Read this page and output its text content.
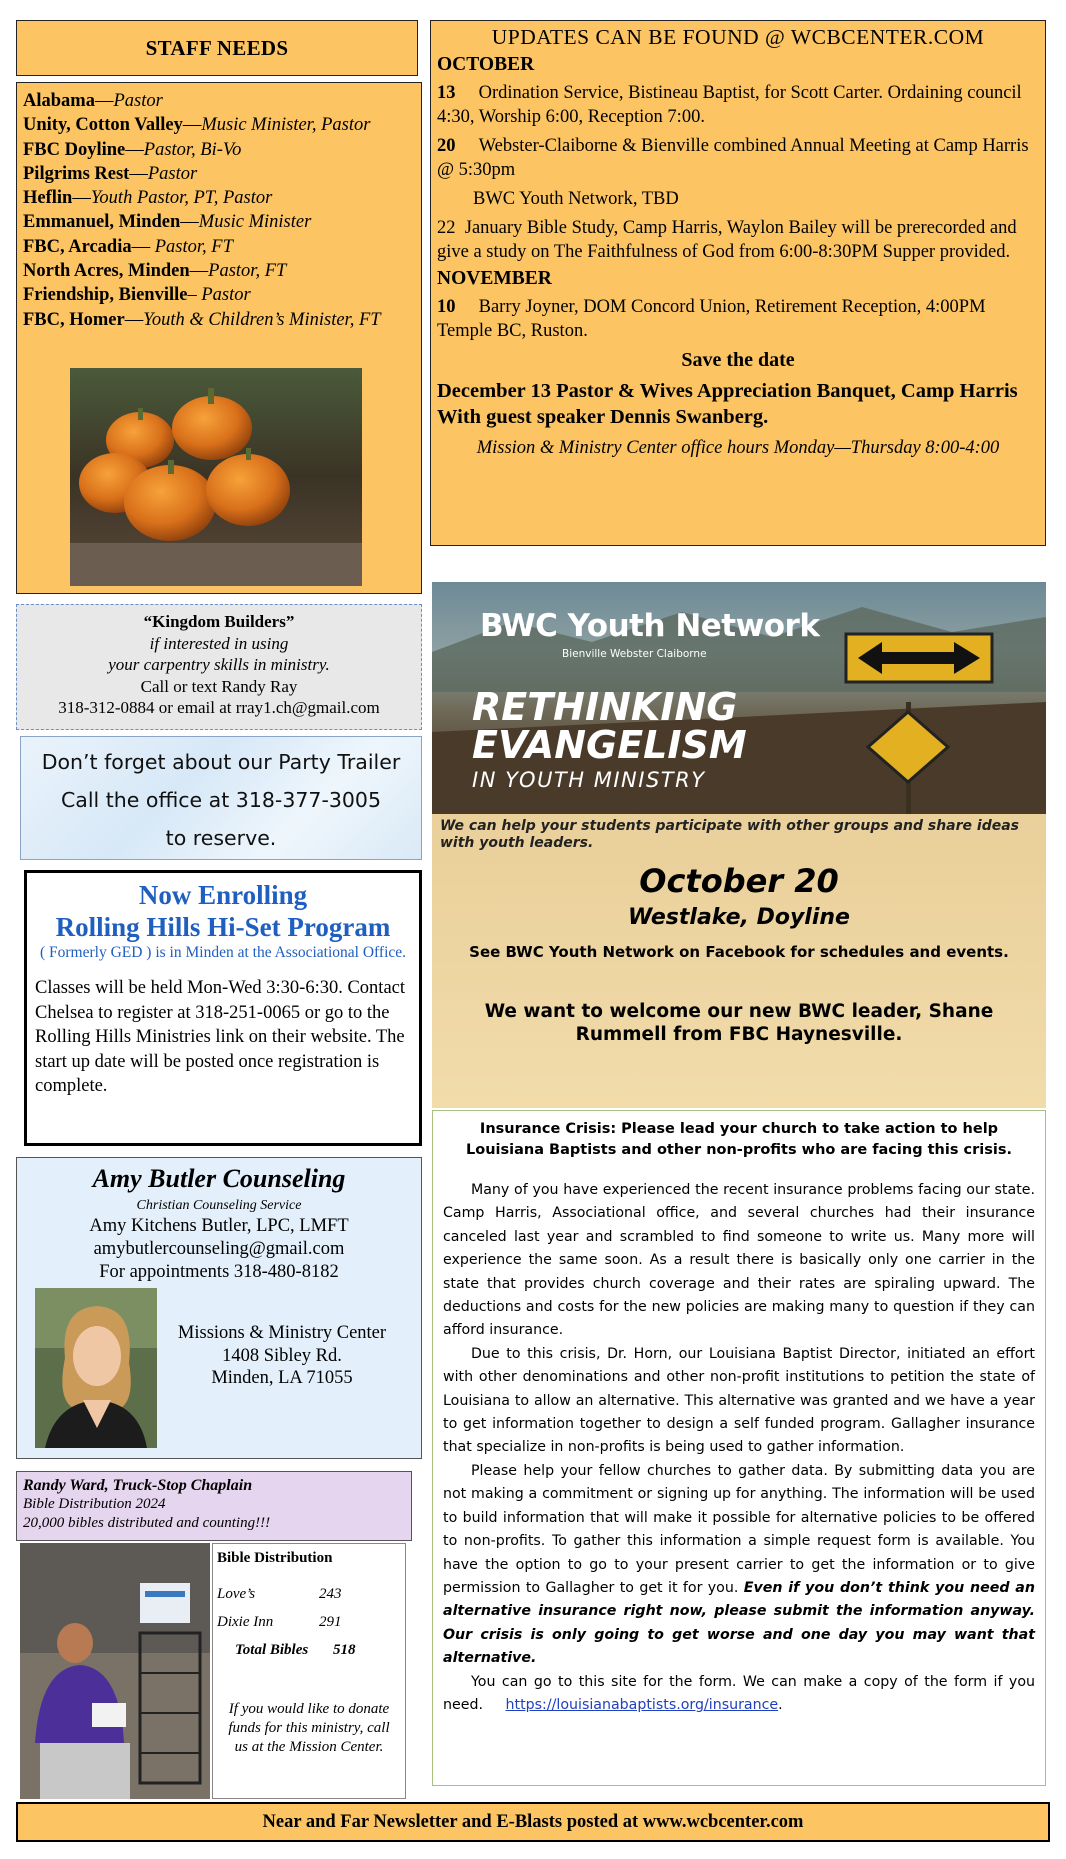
STAFF NEEDS
Alabama—Pastor
Unity, Cotton Valley—Music Minister, Pastor
FBC Doyline—Pastor, Bi-Vo
Pilgrims Rest—Pastor
Heflin—Youth Pastor, PT, Pastor
Emmanuel, Minden—Music Minister
FBC, Arcadia— Pastor, FT
North Acres, Minden—Pastor, FT
Friendship, Bienville– Pastor
FBC, Homer—Youth & Children’s Minister, FT
“Kingdom Builders”
if interested in using
your carpentry skills in ministry.
Call or text Randy Ray
318-312-0884 or email at rray1.ch@gmail.com
Don’t forget about our Party Trailer
Call the office at 318-377-3005
to reserve.
Now Enrolling
Rolling Hills Hi-Set Program
( Formerly GED ) is in Minden at the Associational Office.
Classes will be held Mon-Wed 3:30-6:30. Contact Chelsea to register at 318-251-0065 or go to the Rolling Hills Ministries link on their website. The start up date will be posted once registration is complete.
Amy Butler Counseling
Christian Counseling Service
Amy Kitchens Butler, LPC, LMFT
amybutlercounseling@gmail.com
For appointments 318-480-8182
Missions & Ministry Center
1408 Sibley Rd.
Minden, LA 71055
Randy Ward, Truck-Stop Chaplain
Bible Distribution 2024
20,000 bibles distributed and counting!!!
Bible Distribution
Love’s	243
Dixie Inn	291
Total Bibles 518
If you would like to donate funds for this ministry, call us at the Mission Center.
UPDATES CAN BE FOUND @ WCBCENTER.COM
OCTOBER
13 Ordination Service, Bistineau Baptist, for Scott Carter. Ordaining council 4:30, Worship 6:00, Reception 7:00.
20 Webster-Claiborne & Bienville combined Annual Meeting at Camp Harris @ 5:30pm
BWC Youth Network, TBD
22 January Bible Study, Camp Harris, Waylon Bailey will be prerecorded and give a study on The Faithfulness of God from 6:00-8:30PM Supper provided.
NOVEMBER
10 Barry Joyner, DOM Concord Union, Retirement Reception, 4:00PM Temple BC, Ruston.
Save the date
December 13 Pastor & Wives Appreciation Banquet, Camp Harris With guest speaker Dennis Swanberg.
Mission & Ministry Center office hours Monday—Thursday 8:00-4:00
BWC Youth Network
Bienville Webster Claiborne
RETHINKING
EVANGELISM
IN YOUTH MINISTRY
We can help your students participate with other groups and share ideas with youth leaders.
October 20
Westlake, Doyline
See BWC Youth Network on Facebook for schedules and events.
We want to welcome our new BWC leader, Shane Rummell from FBC Haynesville.
Insurance Crisis: Please lead your church to take action to help Louisiana Baptists and other non-profits who are facing this crisis.

Many of you have experienced the recent insurance problems facing our state. Camp Harris, Associational office, and several churches had their insurance canceled last year and scrambled to find someone to write us. Many more will experience the same soon. As a result there is basically only one carrier in the state that provides church coverage and their rates are spiraling upward. The deductions and costs for the new policies are making many to question if they can afford insurance.

Due to this crisis, Dr. Horn, our Louisiana Baptist Director, initiated an effort with other denominations and other non-profit institutions to petition the state of Louisiana to allow an alternative. This alternative was granted and we have a year to get information together to design a self funded program. Gallagher insurance that specialize in non-profits is being used to gather information.

Please help your fellow churches to gather data. By submitting data you are not making a commitment or signing up for anything. The information will be used to build information that will make it possible for alternative policies to be offered to non-profits. To gather this information a simple request form is available. You have the option to go to your present carrier to get the information or to give permission to Gallagher to get it for you. Even if you don’t think you need an alternative insurance right now, please submit the information anyway. Our crisis is only going to get worse and one day you may want that alternative.

You can go to this site for the form. We can make a copy of the form if you need. https://louisianabaptists.org/insurance.

Near and Far Newsletter and E-Blasts posted at www.wcbcenter.com
